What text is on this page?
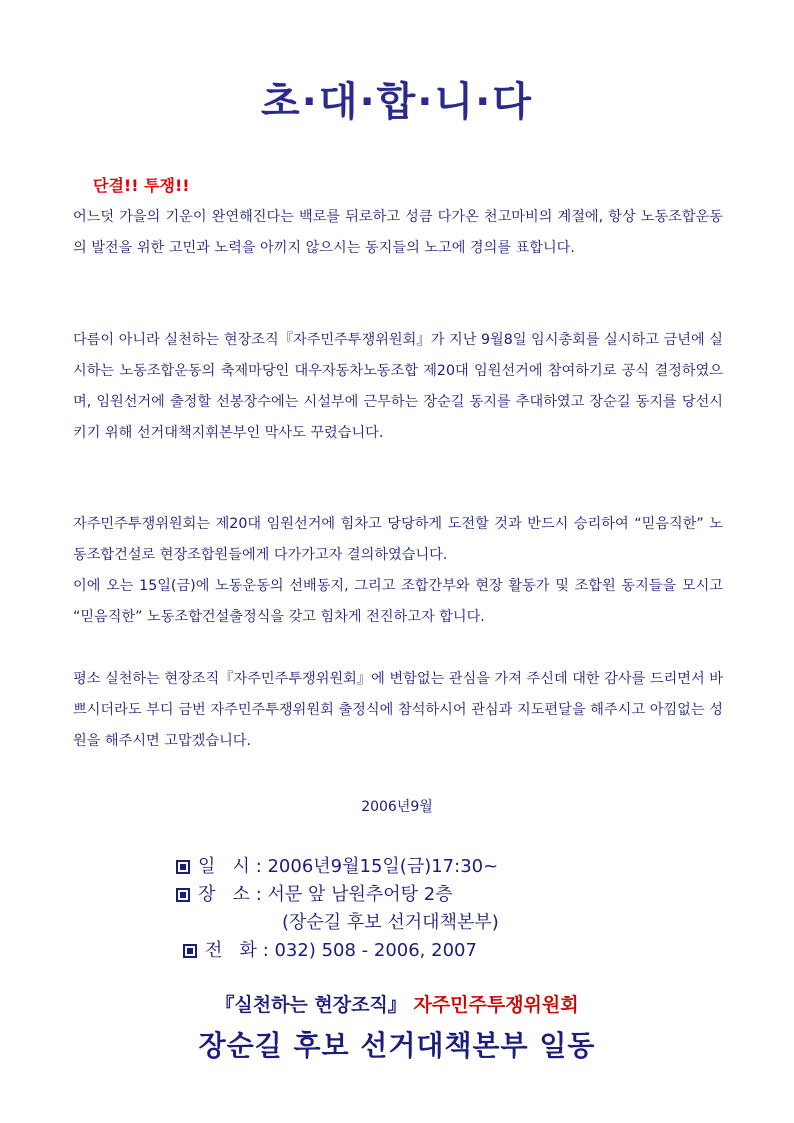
초·대·합·니·다
단결!! 투쟁!!
어느덧 가을의 기운이 완연해진다는 백로를 뒤로하고 성큼 다가온 천고마비의 계절에, 항상 노동조합운동의 발전을 위한 고민과 노력을 아끼지 않으시는 동지들의 노고에 경의를 표합니다.
다름이 아니라 실천하는 현장조직『자주민주투쟁위원회』가 지난 9월8일 임시총회를 실시하고 금년에 실시하는 노동조합운동의 축제마당인 대우자동차노동조합 제20대 임원선거에 참여하기로 공식 결정하였으며, 임원선거에 출정할 선봉장수에는 시설부에 근무하는 장순길 동지를 추대하였고 장순길 동지를 당선시키기 위해 선거대책지휘본부인 막사도 꾸렸습니다.
자주민주투쟁위원회는 제20대 임원선거에 힘차고 당당하게 도전할 것과 반드시 승리하여 “믿음직한” 노동조합건설로 현장조합원들에게 다가가고자 결의하였습니다.
이에 오는 15일(금)에 노동운동의 선배동지, 그리고 조합간부와 현장 활동가 및 조합원 동지들을 모시고 “믿음직한” 노동조합건설출정식을 갖고 힘차게 전진하고자 합니다.
평소 실천하는 현장조직『자주민주투쟁위원회』에 변함없는 관심을 가져 주신데 대한 감사를 드리면서 바쁘시더라도 부디 금번 자주민주투쟁위원회 출정식에 참석하시어 관심과 지도편달을 해주시고 아낌없는 성원을 해주시면 고맙겠습니다.
2006년9월
일   시 : 2006년9월15일(금)17:30~
장   소 : 서문 앞 남원추어탕 2층
(장순길 후보 선거대책본부)
전   화 : 032) 508 - 2006, 2007
『실천하는 현장조직』 자주민주투쟁위원회
장순길 후보 선거대책본부 일동
